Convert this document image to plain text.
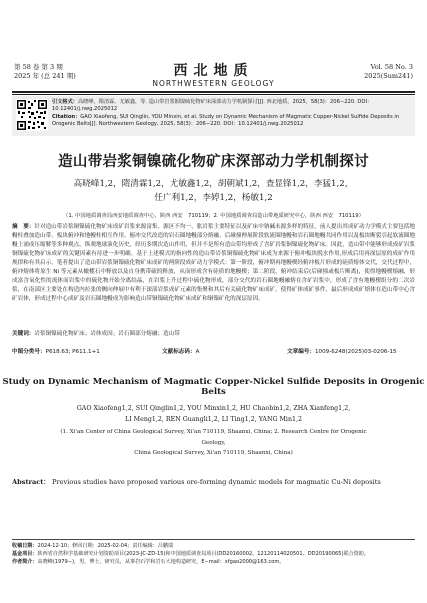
第 58 卷 第 3 期
2025 年 (总 241 期)	西北地质
NORTHWESTERN GEOLOGY
Vol. 58 No. 3
2025(Sum241)
引文格式：高晓峰，隋清霖，尤敏鑫，等. 造山带岩浆铜镍硫化物矿床深部动力学机制探讨[J]. 西北地质，2025，58(3)：206−220. DOI：10.12401/j.nwg.2025012
Citation：GAO Xiaofeng, SUI Qinglin, YOU Minxin, et al. Study on Dynamic Mechanism of Magmatic Copper-Nickel Sulfide Deposits in Orogenic Belts[J]. Northwestern Geology, 2025, 58(3)：206−220. DOI：10.12401/j.nwg.2025012
造山带岩浆铜镍硫化物矿床深部动力学机制探讨
高晓峰1,2，隋清霖1,2，尤敏鑫1,2，胡朝斌1,2，查显锋1,2，李猛1,2，
任广利1,2，李婷1,2，杨敏1,2
（1. 中国地质调查局西安地质调查中心，陕西 西安　710119；2. 中国地质调查局造山带地质研究中心，陕西 西安　710119）
摘　要：针对造山带岩浆铜镍硫化物矿床成矿岩浆来源富集、源区不均一、胀岩浆主要特征以及矿床中钠碱未源多样的特征，前人提出其成矿动力学模式主要包括地幔柱叠加造山带、板块俯冲和地幔柱相互作用、俯冲交代改造的岩石圈地幔部分熔融、后碰撞伸展阶段软流圈地幔和岩石圈地幔共同作用以及板块断裂引起软流圈地幔上涌成压缩解等多种观点。纵观地球演化历史，经历多期次造山作用，但并不是所有造山带均形成了含矿岩浆铜镍硫化物矿床。因此，造山带中能够形成成矿岩浆铜镍硫化物矿床成矿的关键因素有待进一步明确。基于上述模式的指向性的造山带岩浆铜镍硫化物矿床成为来源于俯冲板块脱水作用,形成后用再深层原的成矿作用规律和有其启示。笔者提出了造山带岩浆铜镍硫化物矿床成矿的两阶段成矿动力学模式：第一阶段，俯冲期再地幔楔经俯冲板片形成的硅质熔体交代，交代过程中，俯冲熔体将原生 Ni 等元素从橄榄石中释放以及自身携带硫的释放，从而形成含有硅质的地幔楔；第二阶段，俯冲结束后(后碰撞或板片断离)，使得地幔楔熔融，形成富含氧化性的流体而岩浆中的硫化物开始分离结晶，在岩浆上升过程中硫化物形成，部分交代的岩石圈地幔融熔在含矿岩浆中，形成了含有地幔楔组分的二次岩浆，在南部区主要处在构造内拉张的侧向伸展中有利于深部岩浆成矿元素的集聚和其后有关硫化物矿床成矿，使得矿体成矿事件，最后形成成矿熔体在造山带中心含矿岩体，形成过程中心成矿及岩石圈地幔成为影响造山带铜镍硫化物矿床成矿和铜镍矿化的深层原因。
关键词：岩浆铜镍硫化物矿床；岩体成因；岩石圈部分熔融；造山带
中图分类号：P618.63; P611.1+1	文献标志码：A	文章编号：1009-6248(2025)03-0206-15
Study on Dynamic Mechanism of Magmatic Copper-Nickel Sulfide Deposits in Orogenic Belts
GAO Xiaofeng1,2, SUI Qinglin1,2, YOU Minxin1,2, HU Chaobin1,2, ZHA Xianfeng1,2,
LI Meng1,2, REN Guangli1,2, LI Ting1,2, YANG Min1,2
(1. Xi'an Center of China Geological Survey, Xi'an 710119, Shaanxi, China; 2. Research Centre for Orogenic Geology,
China Geological Survey, Xi'an 710119, Shaanxi, China)
Abstract： Previous studies have proposed various ore-forming dynamic models for magmatic Cu-Ni deposits
收稿日期：2024-12-10；修回日期：2025-02-04；责任编辑：吕鹏瑞
基金项目：陕西省自然科学基础研究计划资助项目(2023-JC-ZD-15)和中国地质调查局项目(DD20160002、12120114020501、DD20190065)联合资助。
作者简介：高晓峰(1979−)，男，博士，研究员，从事岩石学和岩石大地构造研究。E−mail：xfgao2000@163.com。
